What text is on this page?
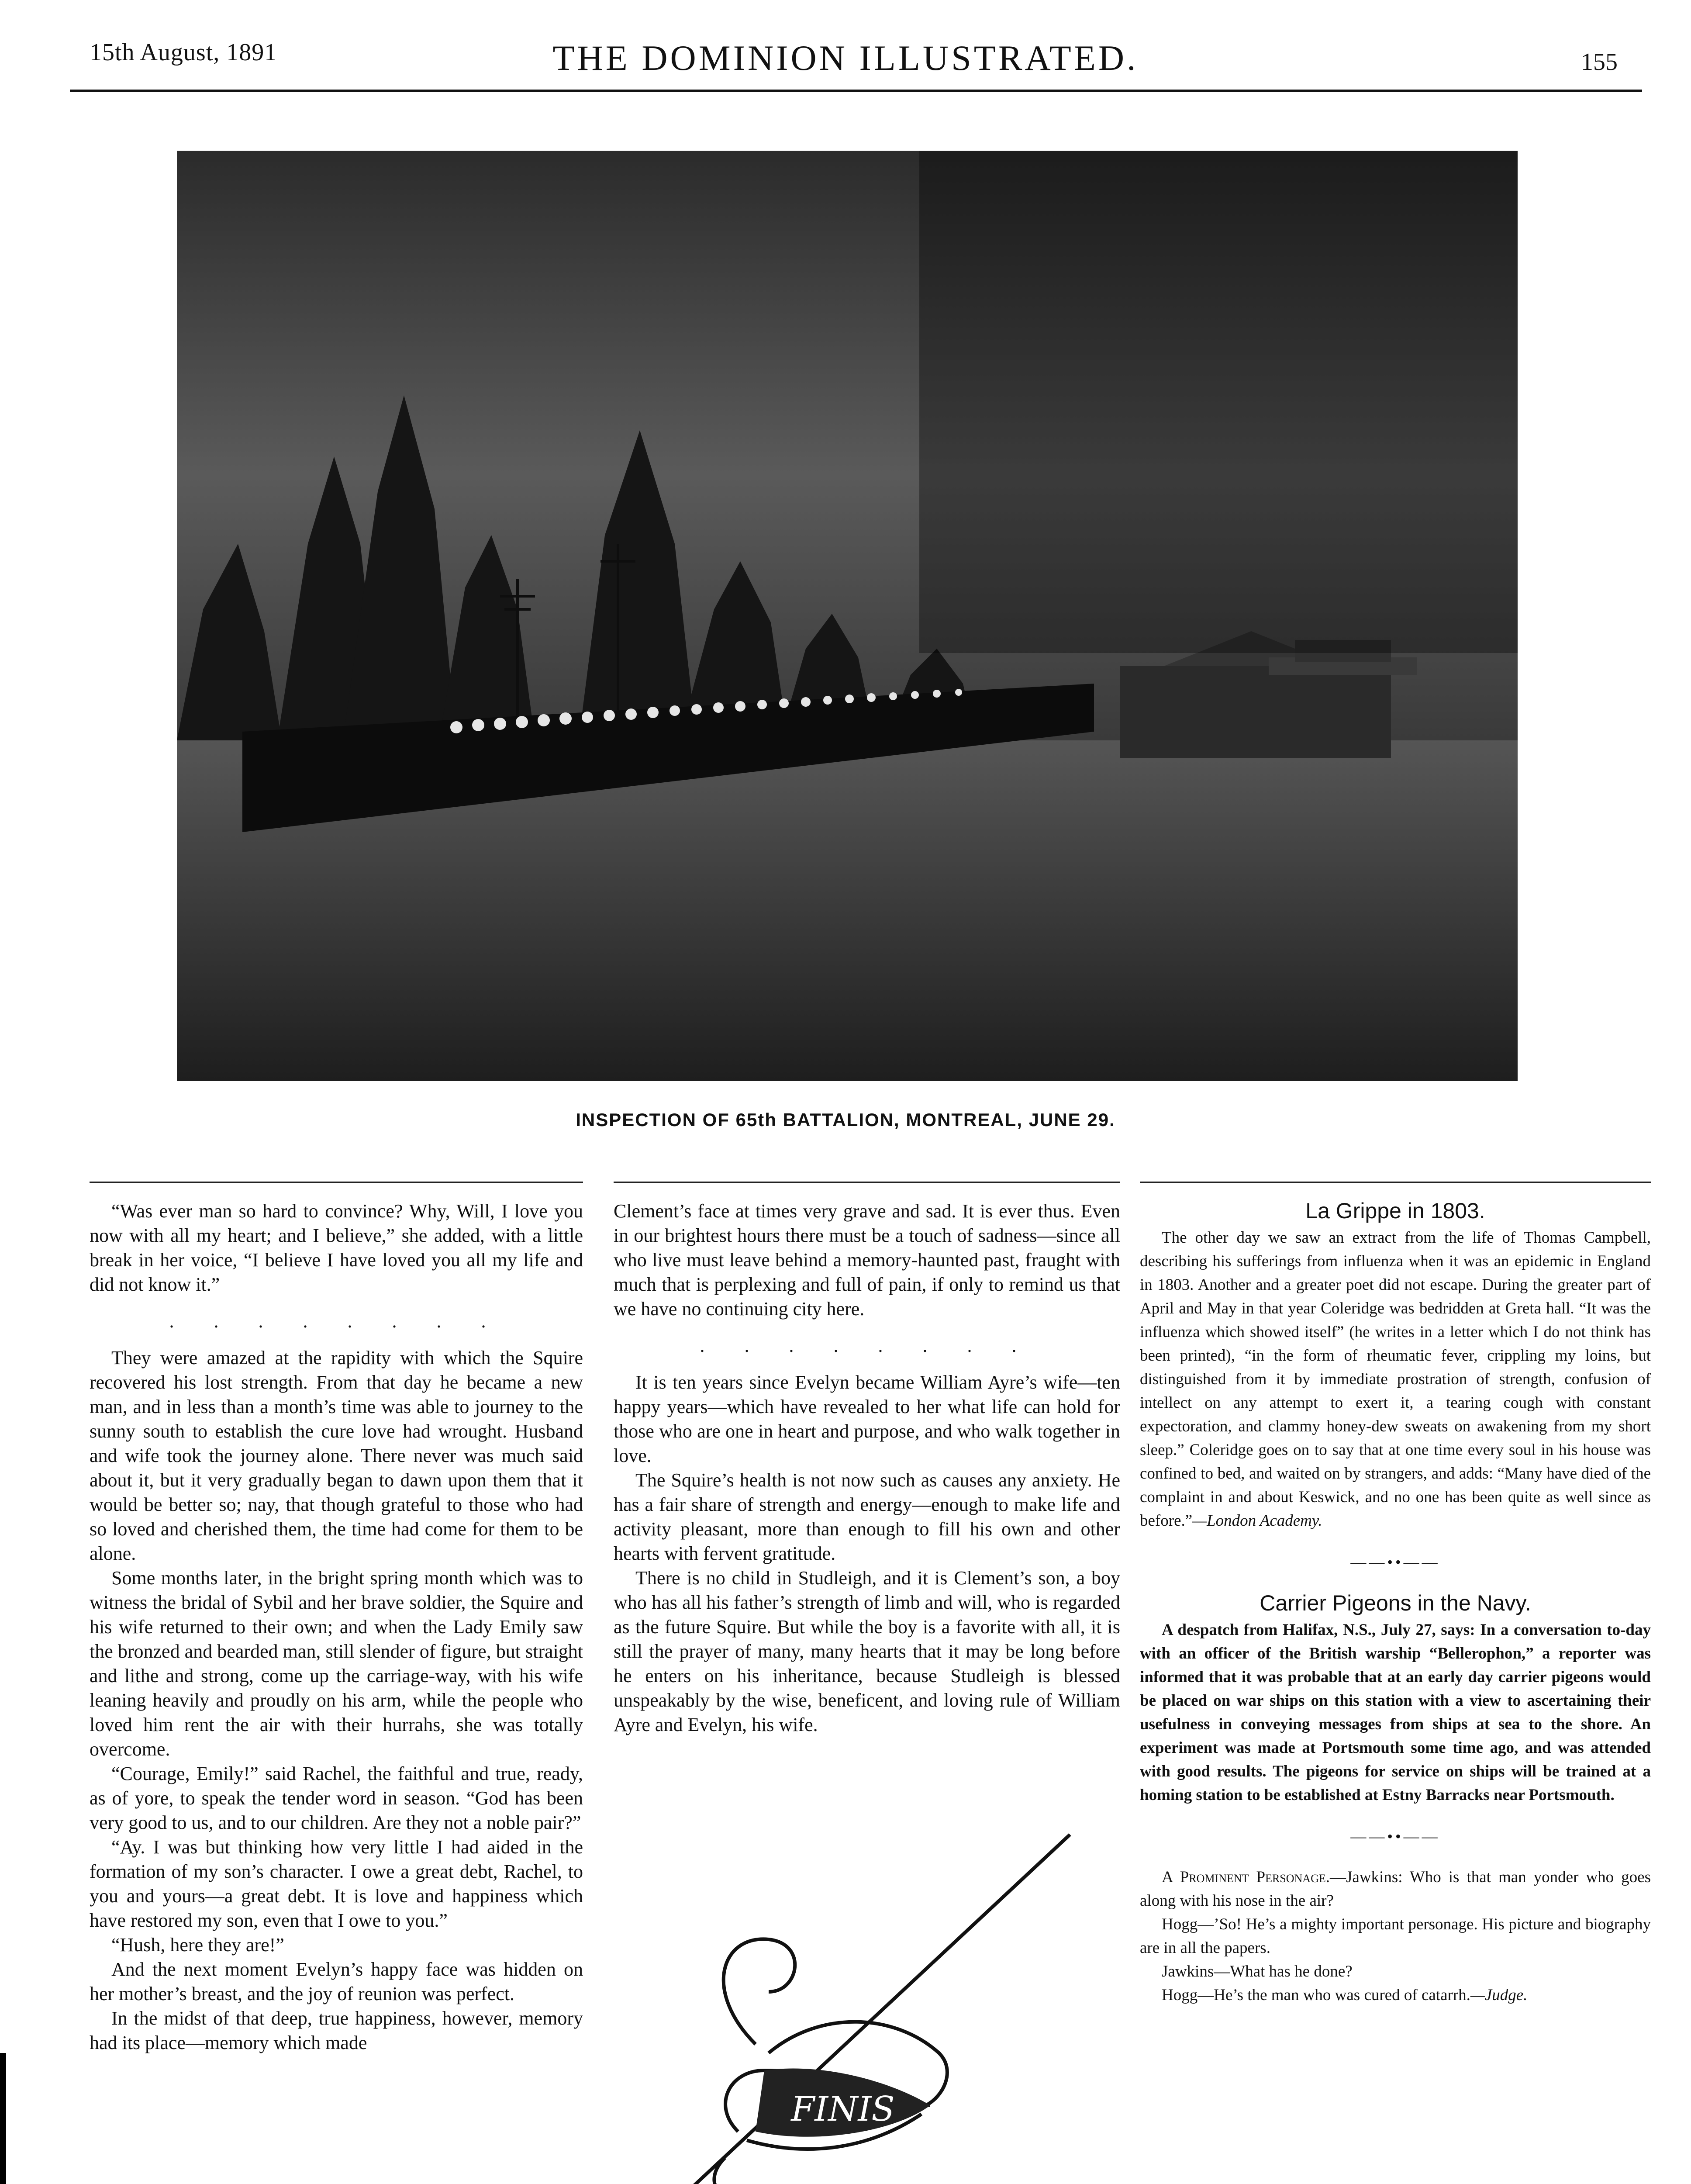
15th August, 1891	THE DOMINION ILLUSTRATED.	155
INSPECTION OF 65th BATTALION, MONTREAL, JUNE 29.

“Was ever man so hard to convince? Why, Will, I love you now with all my heart; and I believe,” she added, with a little break in her voice, “I believe I have loved you all my life and did not know it.”

. . . . . . . .

They were amazed at the rapidity with which the Squire recovered his lost strength. From that day he became a new man, and in less than a month’s time was able to journey to the sunny south to establish the cure love had wrought. Husband and wife took the journey alone. There never was much said about it, but it very gradually began to dawn upon them that it would be better so; nay, that though grateful to those who had so loved and cherished them, the time had come for them to be alone.

Some months later, in the bright spring month which was to witness the bridal of Sybil and her brave soldier, the Squire and his wife returned to their own; and when the Lady Emily saw the bronzed and bearded man, still slender of figure, but straight and lithe and strong, come up the carriage-way, with his wife leaning heavily and proudly on his arm, while the people who loved him rent the air with their hurrahs, she was totally overcome.

“Courage, Emily!” said Rachel, the faithful and true, ready, as of yore, to speak the tender word in season. “God has been very good to us, and to our children. Are they not a noble pair?”

“Ay. I was but thinking how very little I had aided in the formation of my son’s character. I owe a great debt, Rachel, to you and yours—a great debt. It is love and happiness which have restored my son, even that I owe to you.”

“Hush, here they are!”

And the next moment Evelyn’s happy face was hidden on her mother’s breast, and the joy of reunion was perfect.

In the midst of that deep, true happiness, however, memory had its place—memory which made

Clement’s face at times very grave and sad. It is ever thus. Even in our brightest hours there must be a touch of sadness—since all who live must leave behind a memory-haunted past, fraught with much that is perplexing and full of pain, if only to remind us that we have no continuing city here.

. . . . . . . .

It is ten years since Evelyn became William Ayre’s wife—ten happy years—which have revealed to her what life can hold for those who are one in heart and purpose, and who walk together in love.

The Squire’s health is not now such as causes any anxiety. He has a fair share of strength and energy—enough to make life and activity pleasant, more than enough to fill his own and other hearts with fervent gratitude.

There is no child in Studleigh, and it is Clement’s son, a boy who has all his father’s strength of limb and will, who is regarded as the future Squire. But while the boy is a favorite with all, it is still the prayer of many, many hearts that it may be long before he enters on his inheritance, because Studleigh is blessed unspeakably by the wise, beneficent, and loving rule of William Ayre and Evelyn, his wife.

FINIS
La Grippe in 1803.

The other day we saw an extract from the life of Thomas Campbell, describing his sufferings from influenza when it was an epidemic in England in 1803. Another and a greater poet did not escape. During the greater part of April and May in that year Coleridge was bedridden at Greta hall. “It was the influenza which showed itself” (he writes in a letter which I do not think has been printed), “in the form of rheumatic fever, crippling my loins, but distinguished from it by immediate prostration of strength, confusion of intellect on any attempt to exert it, a tearing cough with constant expectoration, and clammy honey-dew sweats on awakening from my short sleep.” Coleridge goes on to say that at one time every soul in his house was confined to bed, and waited on by strangers, and adds: “Many have died of the complaint in and about Keswick, and no one has been quite as well since as before.”—London Academy.

——••——
Carrier Pigeons in the Navy.

A despatch from Halifax, N.S., July 27, says: In a conversation to-day with an officer of the British warship “Bellerophon,” a reporter was informed that it was probable that at an early day carrier pigeons would be placed on war ships on this station with a view to ascertaining their usefulness in conveying messages from ships at sea to the shore. An experiment was made at Portsmouth some time ago, and was attended with good results. The pigeons for service on ships will be trained at a homing station to be established at Estny Barracks near Portsmouth.

——••——

A Prominent Personage.—Jawkins: Who is that man yonder who goes along with his nose in the air?

Hogg—’So! He’s a mighty important personage. His picture and biography are in all the papers.

Jawkins—What has he done?

Hogg—He’s the man who was cured of catarrh.—Judge.
